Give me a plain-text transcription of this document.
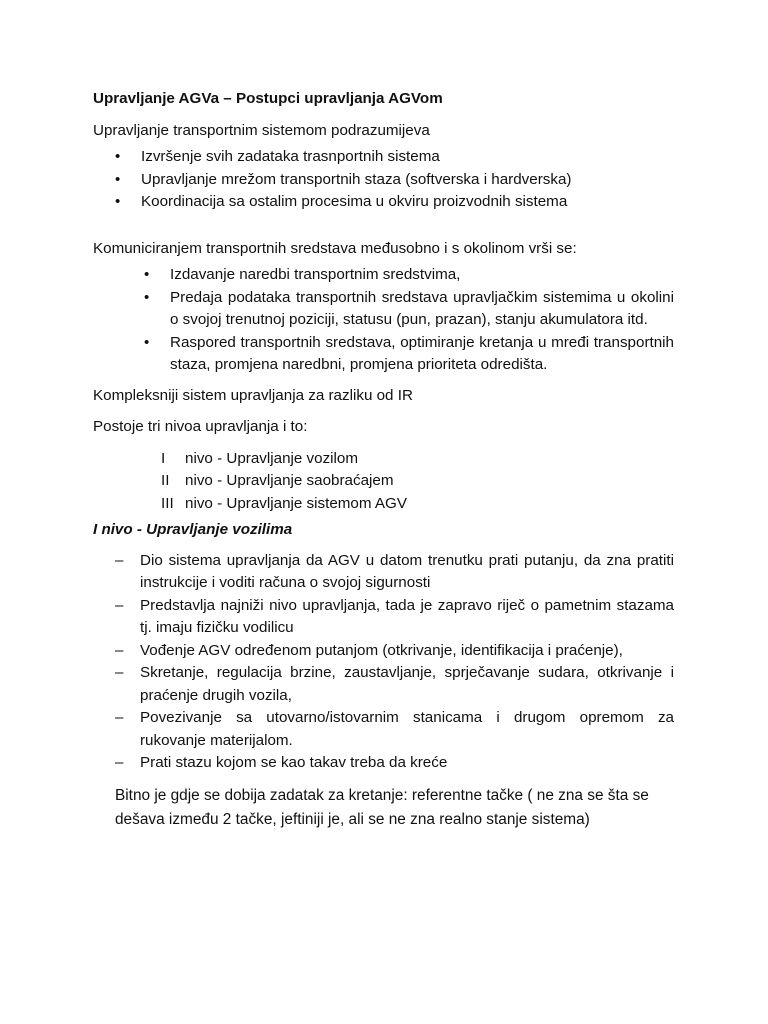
Upravljanje AGVa – Postupci upravljanja AGVom

Upravljanje transportnim sistemom podrazumijeva

• Izvršenje svih zadataka trasnportnih sistema
• Upravljanje mrežom transportnih staza (softverska i hardverska)
• Koordinacija sa ostalim procesima u okviru proizvodnih sistema

Komuniciranjem transportnih sredstava međusobno i s okolinom vrši se:

• Izdavanje naredbi transportnim sredstvima,
• Predaja podataka transportnih sredstava upravljačkim sistemima u okolini o svojoj trenutnoj poziciji, statusu (pun, prazan), stanju akumulatora itd.
• Raspored transportnih sredstava, optimiranje kretanja u mređi transportnih staza, promjena naredbni, promjena prioriteta odredišta.

Kompleksniji sistem upravljanja za razliku od IR

Postoje tri nivoa upravljanja i to:

I	nivo - Upravljanje vozilom
II	nivo - Upravljanje saobraćajem
III nivo - Upravljanje sistemom AGV

I nivo - Upravljanje vozilima

– Dio sistema upravljanja da AGV u datom trenutku prati putanju, da zna pratiti instrukcije i voditi računa o svojoj sigurnosti
– Predstavlja najniži nivo upravljanja, tada je zapravo riječ o pametnim stazama tj. imaju fizičku vodilicu
– Vođenje AGV određenom putanjom (otkrivanje, identifikacija i praćenje),
– Skretanje, regulacija brzine, zaustavljanje, sprječavanje sudara, otkrivanje i praćenje drugih vozila,
– Povezivanje sa utovarno/istovarnim stanicama i drugom opremom za rukovanje materijalom.
– Prati stazu kojom se kao takav treba da kreće

Bitno je gdje se dobija zadatak za kretanje: referentne tačke ( ne zna se šta se dešava između 2 tačke, jeftiniji je, ali se ne zna realno stanje sistema)
